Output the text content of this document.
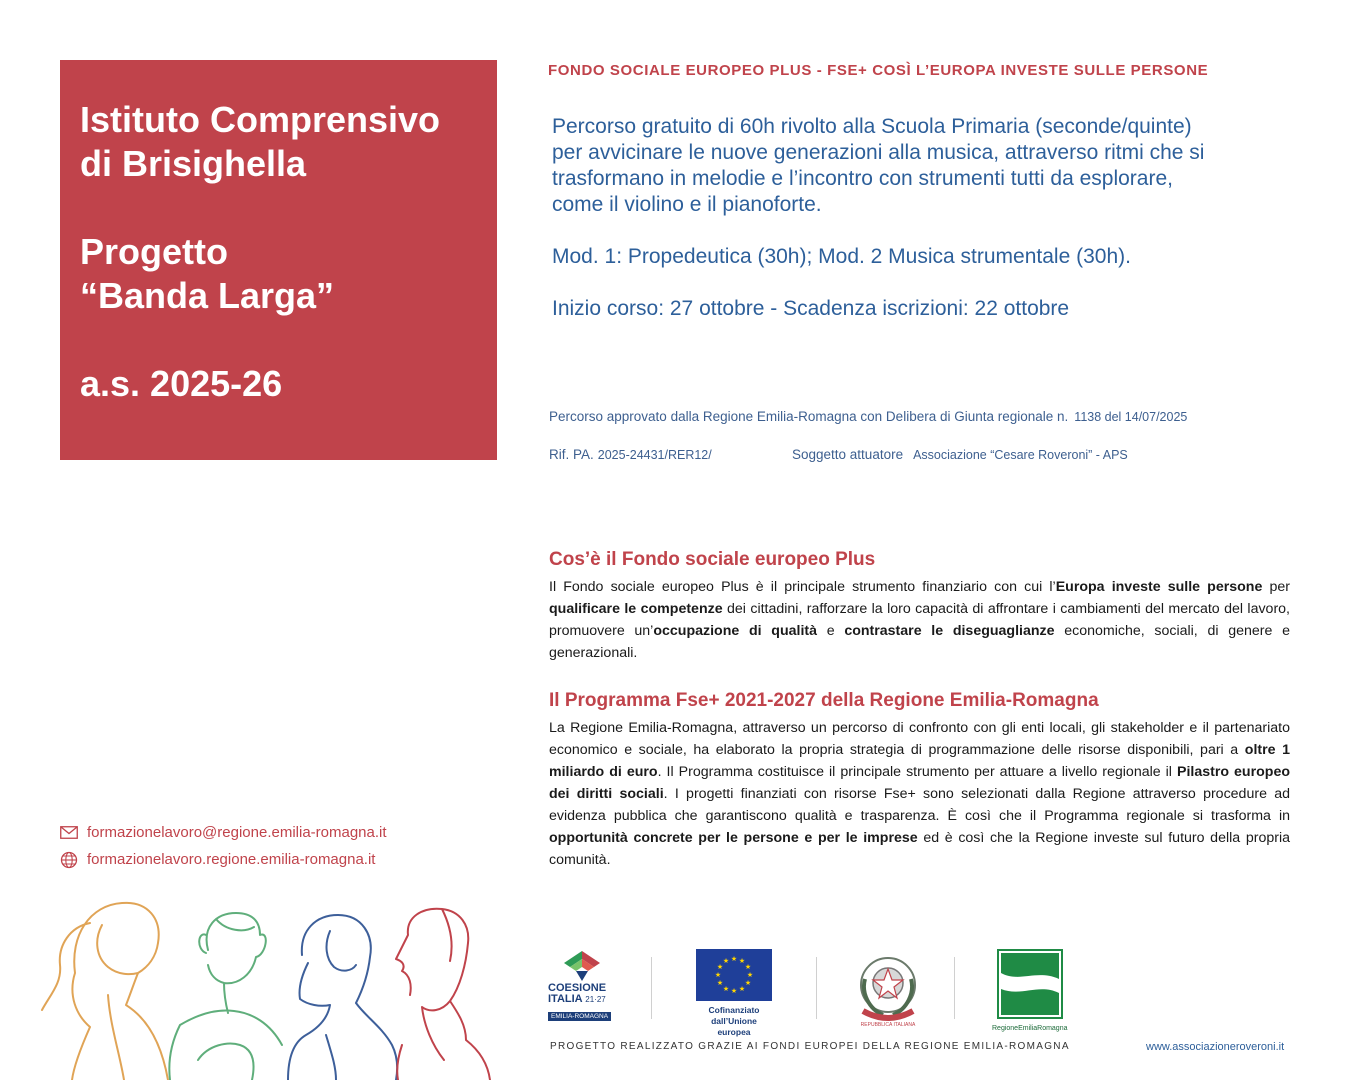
Istituto Comprensivo
di Brisighella
Progetto
“Banda Larga”
a.s. 2025-26
FONDO SOCIALE EUROPEO PLUS - FSE+ COSÌ L’EUROPA INVESTE SULLE PERSONE

Percorso gratuito di 60h rivolto alla Scuola Primaria (seconde/quinte)

per avvicinare le nuove generazioni alla musica, attraverso ritmi che si

trasformano in melodie e l’incontro con strumenti tutti da esplorare,

come il violino e il pianoforte.

Mod. 1: Propedeutica (30h); Mod. 2 Musica strumentale (30h).

Inizio corso: 27 ottobre - Scadenza iscrizioni: 22 ottobre

Percorso approvato dalla Regione Emilia-Romagna con Delibera di Giunta regionale n. 1138 del 14/07/2025
Rif. PA. 2025-24431/RER12/	Soggetto attuatore Associazione “Cesare Roveroni” - APS
Cos’è il Fondo sociale europeo Plus
Il Fondo sociale europeo Plus è il principale strumento finanziario con cui l’Europa investe sulle persone per qualificare le competenze dei cittadini, rafforzare la loro capacità di affrontare i cambiamenti del mercato del lavoro, promuovere un’occupazione di qualità e contrastare le diseguaglianze economiche, sociali, di genere e generazionali.
Il Programma Fse+ 2021-2027 della Regione Emilia-Romagna
La Regione Emilia-Romagna, attraverso un percorso di confronto con gli enti locali, gli stakeholder e il partenariato economico e sociale, ha elaborato la propria strategia di programmazione delle risorse disponibili, pari a oltre 1 miliardo di euro. Il Programma costituisce il principale strumento per attuare a livello regionale il Pilastro europeo dei diritti sociali. I progetti finanziati con risorse Fse+ sono selezionati dalla Regione attraverso procedure ad evidenza pubblica che garantiscono qualità e trasparenza. È così che il Programma regionale si trasforma in opportunità concrete per le persone e per le imprese ed è così che la Regione investe sul futuro della propria comunità.
formazionelavoro@regione.emilia-romagna.it
formazionelavoro.regione.emilia-romagna.it
COESIONE
ITALIA 21·27
EMILIA-ROMAGNA
★ ★
★
★
★
★
★
★
★
★
★
★
Cofinanziato
dall’Unione europea
REPUBBLICA ITALIANA	RegioneEmiliaRomagna
PROGETTO REALIZZATO GRAZIE AI FONDI EUROPEI DELLA REGIONE EMILIA-ROMAGNA	www.associazioneroveroni.it
